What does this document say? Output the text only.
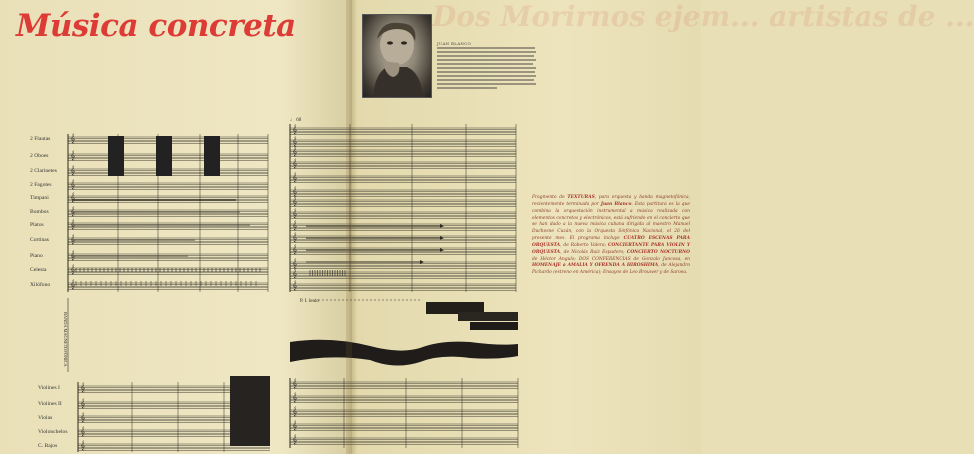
Dos Morirnos ejem... artistas de ...
Música concreta
𝄞
𝄞
𝄞
𝄞
𝄞
𝄞
𝄞
𝄞
𝄞
𝄞
𝄞
BANDA MAGNETOFÓNICA
𝄞
𝄞
𝄞
𝄞
𝄞
𝄞
𝄞
𝄞
𝄞
𝄞
𝄞
𝄞
𝄞
𝄞
𝄞
𝄞
𝄞
𝄞
𝄞
P. I. lento
♩ 60
𝄞
𝄞
𝄞
𝄞
𝄞
JUAN BLANCO
Fragmento de TEXTURAS, para orquesta y banda magnetofónica, recientemente terminada por Juan Blanco. Esta partitura es la que combina la orquestación instrumental a música realizada con elementos concretos y electrónicos, está sufriendo en el concierto que se han dado a la nueva música cubana dirigida al maestro Manuel Duchesne Cuzán, con la Orquesta Sinfónica Nacional, el 26 del presente mes. El programa incluye CUATRO ESCENAS PARA ORQUESTA, de Roberto Valera; CONCIERTANTE PARA VIOLIN Y ORQUESTA, de Nicolás Ruiz Espadero; CONCIERTO NOCTURNO de Héctor Angulo; DOS CONFERENCIAS de Gonzalo Juncosa, en HOMENAJE a AMALIA Y OFRENDA A HIROSHIMA, de Alejandro Pichardo (estreno en América); Ensayos de Leo Brouwer y de Saroea.
2 Flautas
2 Oboes
2 Clarinetes
2 Fagotes
Timpani
Bombos
Platos
Cortinas
Piano
Celesta
Xilófono
Violines I
Violines II
Violas
Violonchelos
C. Bajos
